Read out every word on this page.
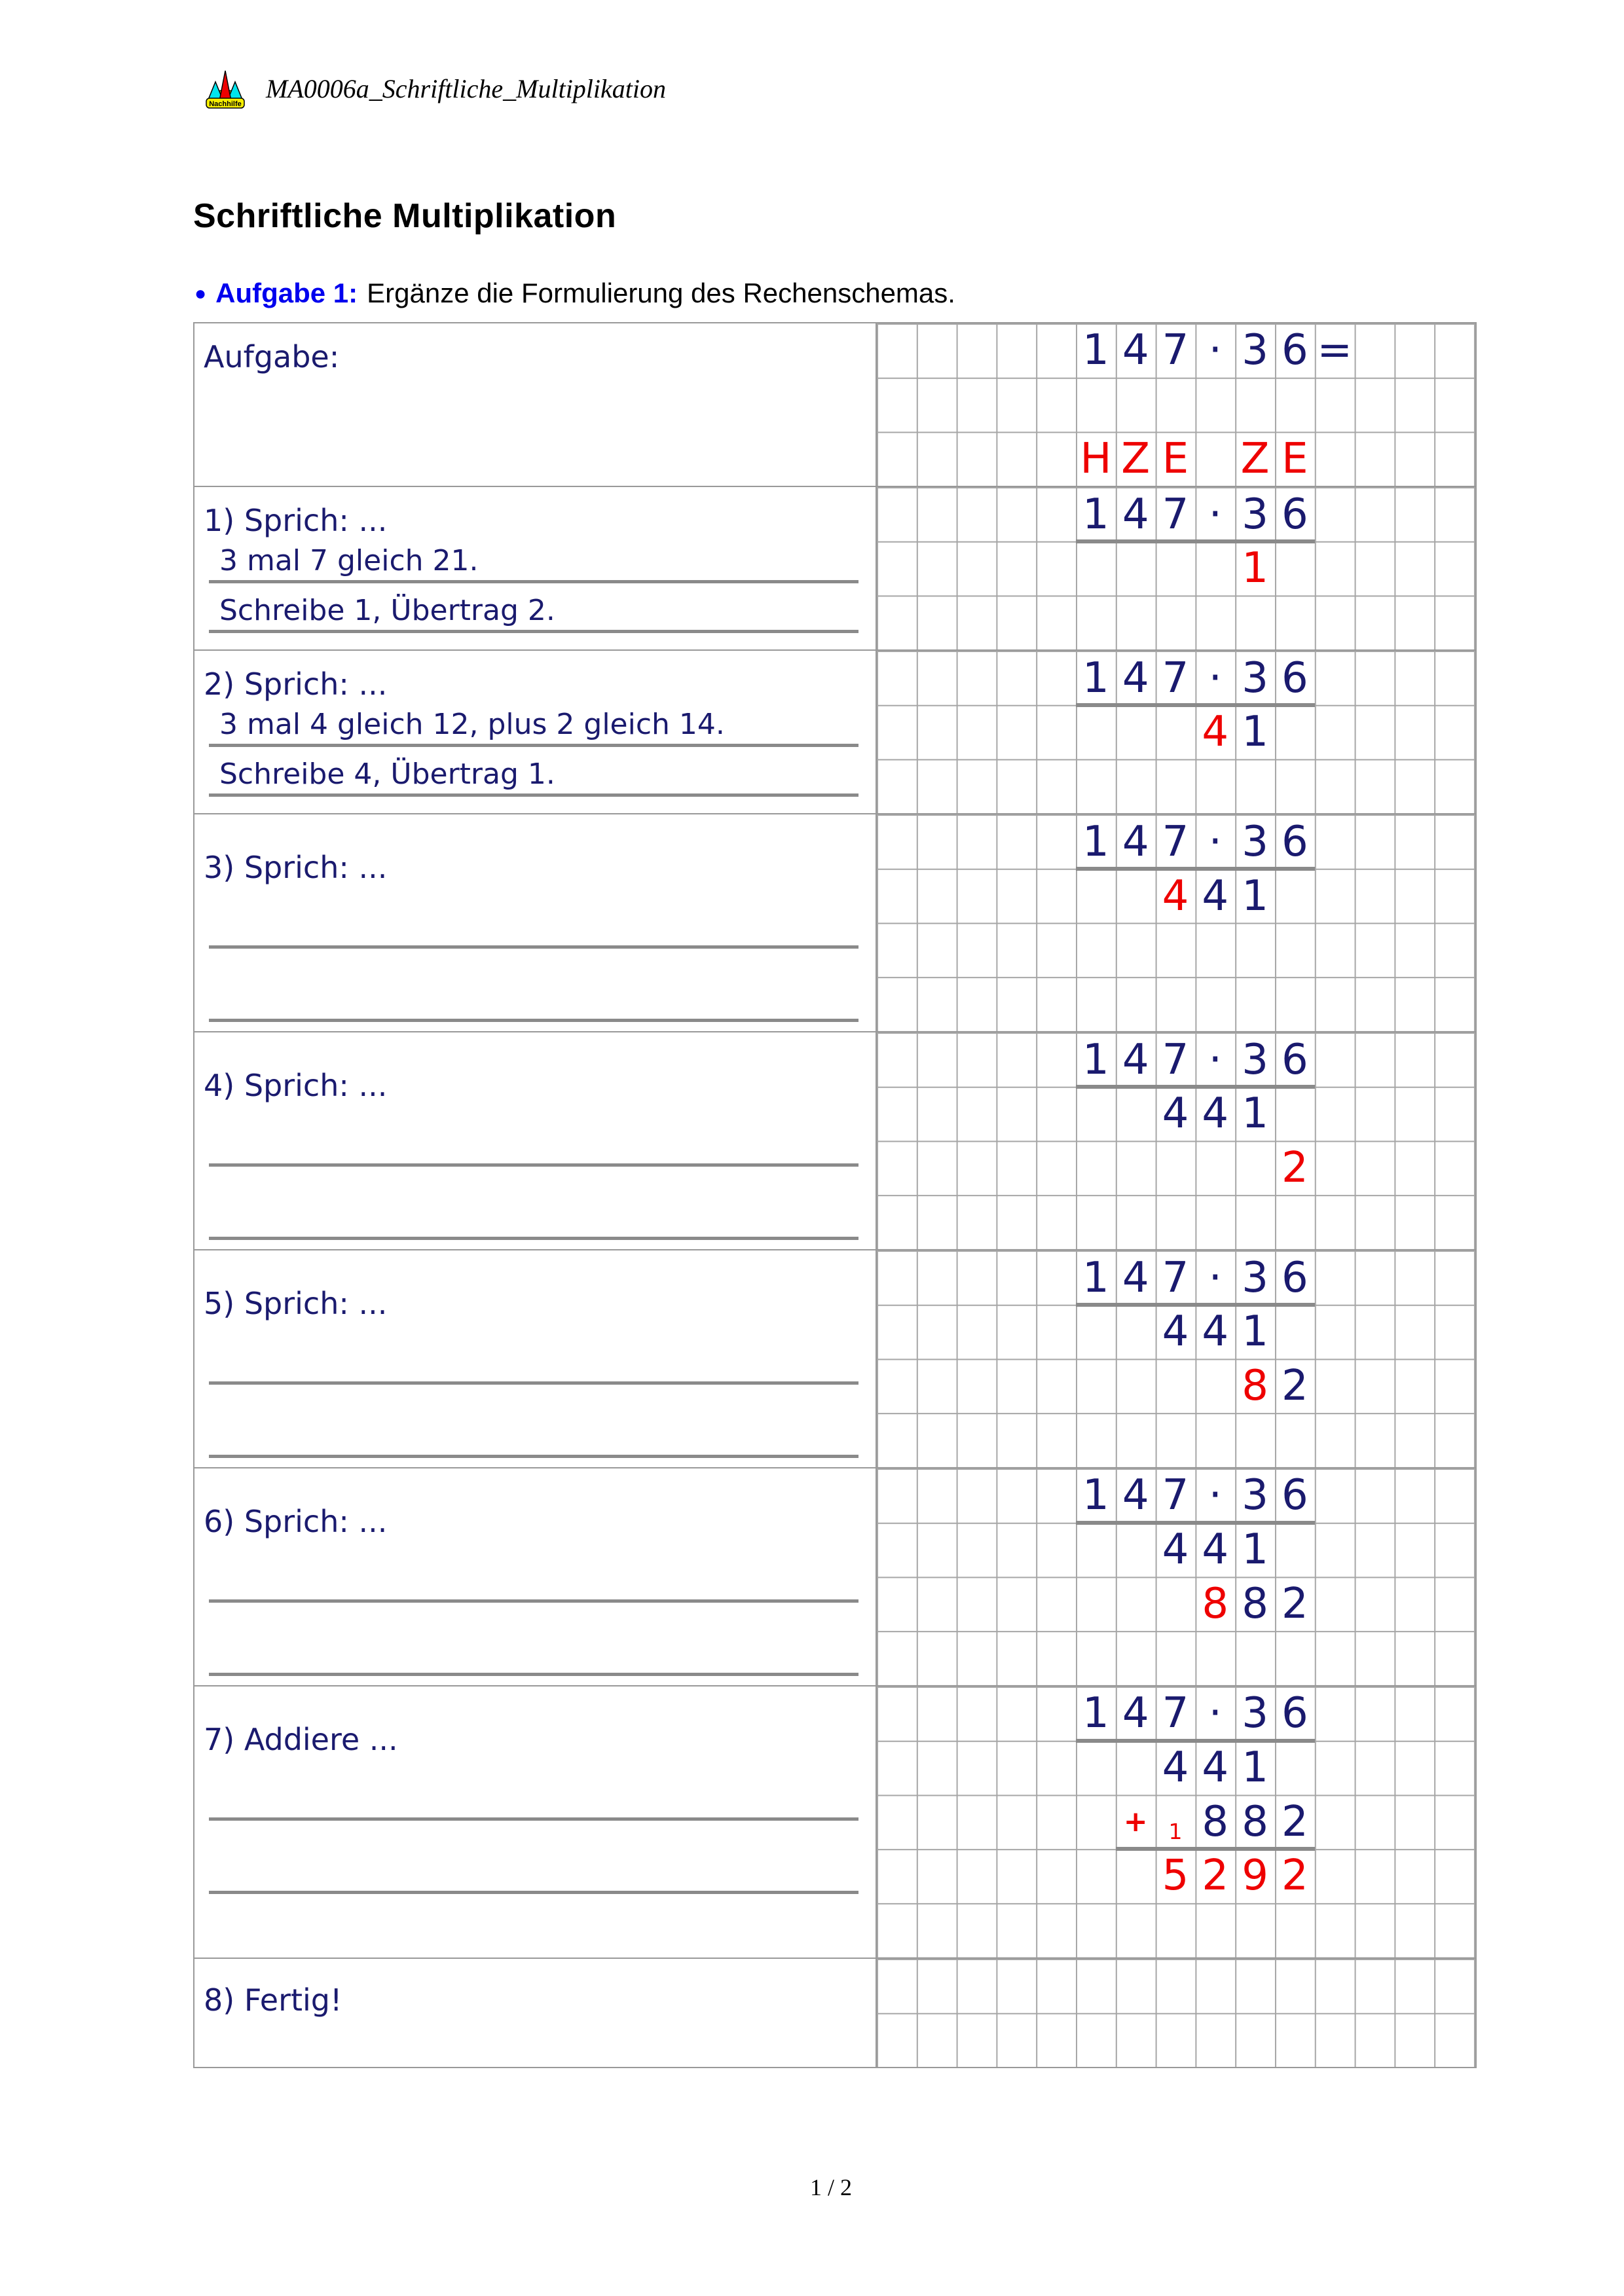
Nachhilfe
MA0006a_Schriftliche_Multiplikation
Schriftliche Multiplikation
● Aufgabe 1: Ergänze die Formulierung des Rechenschemas.
Aufgabe:	1 4 7 · 3 6 =
H Z E Z E
1) Sprich: ...
3 mal 7 gleich 21.
Schreibe 1, Übertrag 2.
1 4 7 · 3 6
1
2) Sprich: ...
3 mal 4 gleich 12, plus 2 gleich 14.
Schreibe 4, Übertrag 1.
1 4 7 · 3 6
4 1
3) Sprich: ...
1 4 7 · 3 6
4 4 1
4) Sprich: ...
1 4 7 · 3 6
4 4 1
2
5) Sprich: ...
1 4 7 · 3 6
4 4 1
8 2
6) Sprich: ...
1 4 7 · 3 6
4 4 1
8 8 2
7) Addiere ...
1 4 7 · 3 6
4 4 1
+ 1 8 8 2
5 2 9 2
8) Fertig!
1 / 2
